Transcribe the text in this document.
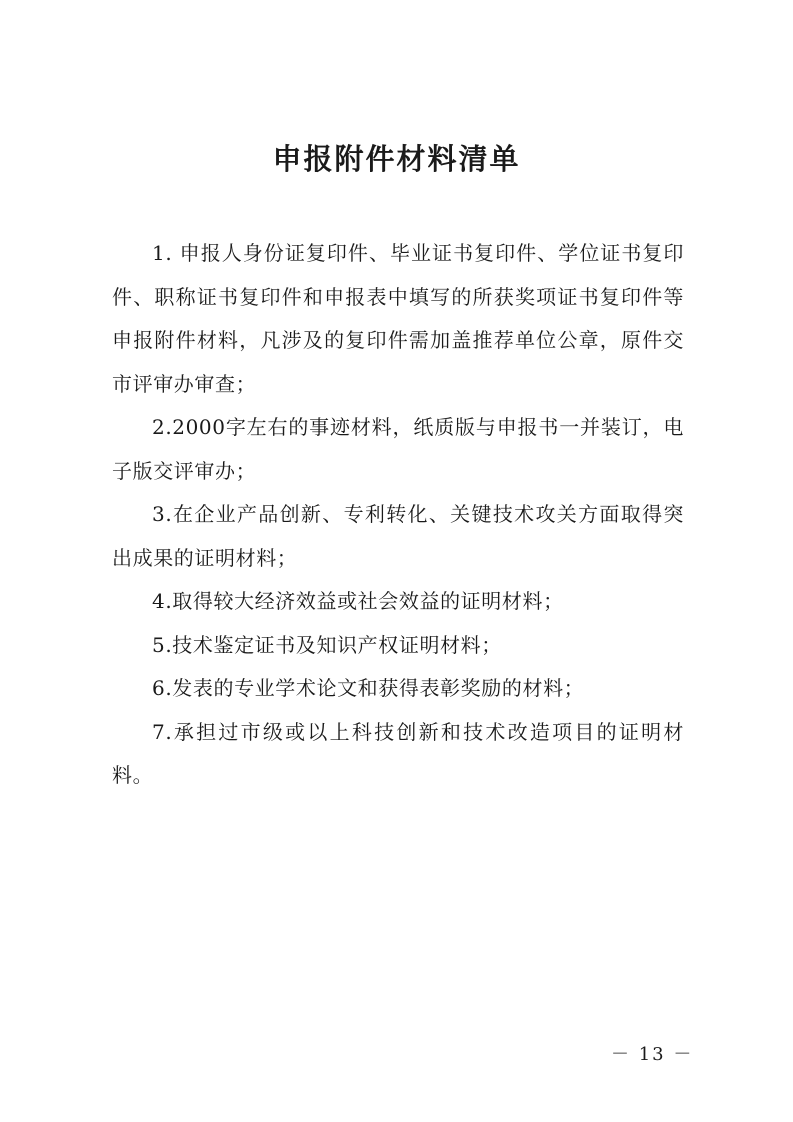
申报附件材料清单

1. 申报人身份证复印件、毕业证书复印件、学位证书复印件、职称证书复印件和申报表中填写的所获奖项证书复印件等申报附件材料，凡涉及的复印件需加盖推荐单位公章，原件交市评审办审查；

2.2000字左右的事迹材料，纸质版与申报书一并装订，电子版交评审办；

3.在企业产品创新、专利转化、关键技术攻关方面取得突出成果的证明材料；

4.取得较大经济效益或社会效益的证明材料；

5.技术鉴定证书及知识产权证明材料；

6.发表的专业学术论文和获得表彰奖励的材料；

7.承担过市级或以上科技创新和技术改造项目的证明材料。

－ 13 －
